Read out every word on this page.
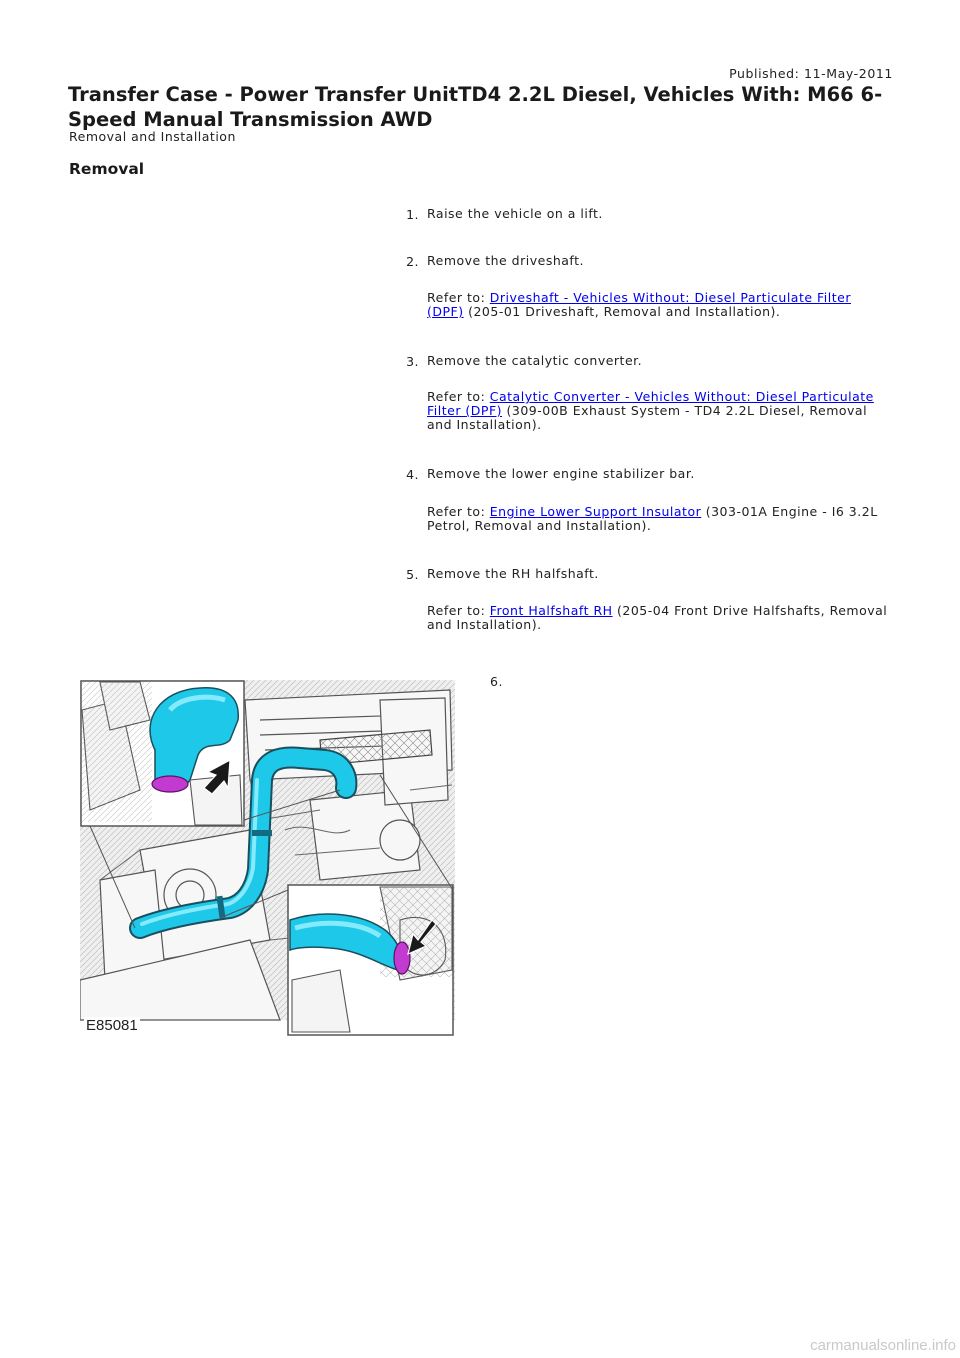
Published: 11-May-2011
Transfer Case - Power Transfer UnitTD4 2.2L Diesel, Vehicles With: M66 6-Speed Manual Transmission AWD
Removal and Installation
Removal
1. Raise the vehicle on a lift.
2. Remove the driveshaft.
Refer to: Driveshaft - Vehicles Without: Diesel Particulate Filter (DPF) (205-01 Driveshaft, Removal and Installation).
3. Remove the catalytic converter.
Refer to: Catalytic Converter - Vehicles Without: Diesel Particulate Filter (DPF) (309-00B Exhaust System - TD4 2.2L Diesel, Removal and Installation).
4. Remove the lower engine stabilizer bar.
Refer to: Engine Lower Support Insulator (303-01A Engine - I6 3.2L Petrol, Removal and Installation).
5. Remove the RH halfshaft.
Refer to: Front Halfshaft RH (205-04 Front Drive Halfshafts, Removal and Installation).
6.
E85081
carmanualsonline.info
